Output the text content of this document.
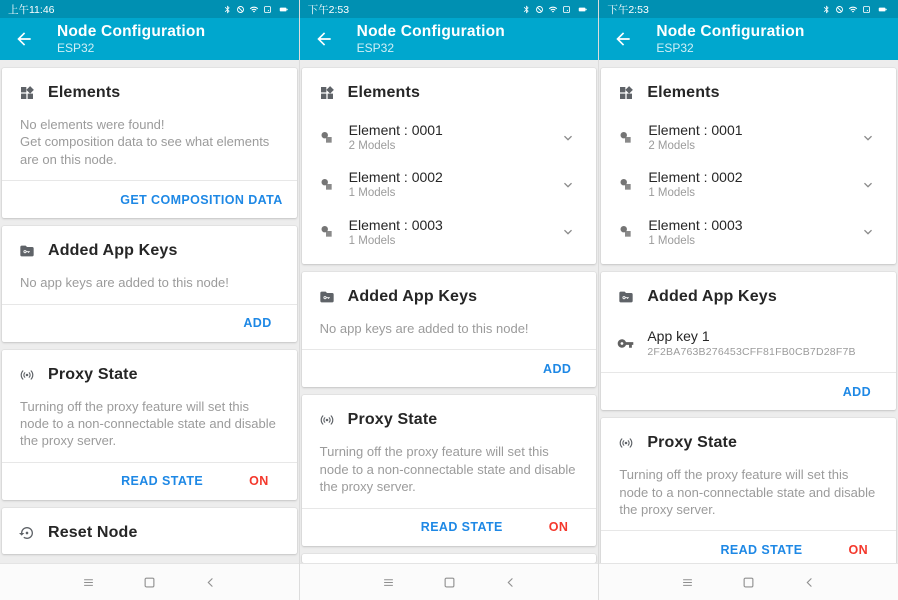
上午11:46
Node Configuration
ESP32
Elements
No elements were found!
Get composition data to see what elements are on this node.
GET COMPOSITION DATA
Added App Keys
No app keys are added to this node!
ADD
Proxy State
Turning off the proxy feature will set this node to a non-connectable state and disable the proxy server.
READ STATE	ON
Reset Node
下午2:53
Node Configuration
ESP32
Elements
Element : 0001
2 Models
Element : 0002
1 Models
Element : 0003
1 Models
Added App Keys
No app keys are added to this node!
ADD
Proxy State
Turning off the proxy feature will set this node to a non-connectable state and disable the proxy server.
READ STATE	ON
下午2:53
Node Configuration
ESP32
Elements
Element : 0001
2 Models
Element : 0002
1 Models
Element : 0003
1 Models
Added App Keys
App key 1
2F2BA763B276453CFF81FB0CB7D28F7B
ADD
Proxy State
Turning off the proxy feature will set this node to a non-connectable state and disable the proxy server.
READ STATE	ON
